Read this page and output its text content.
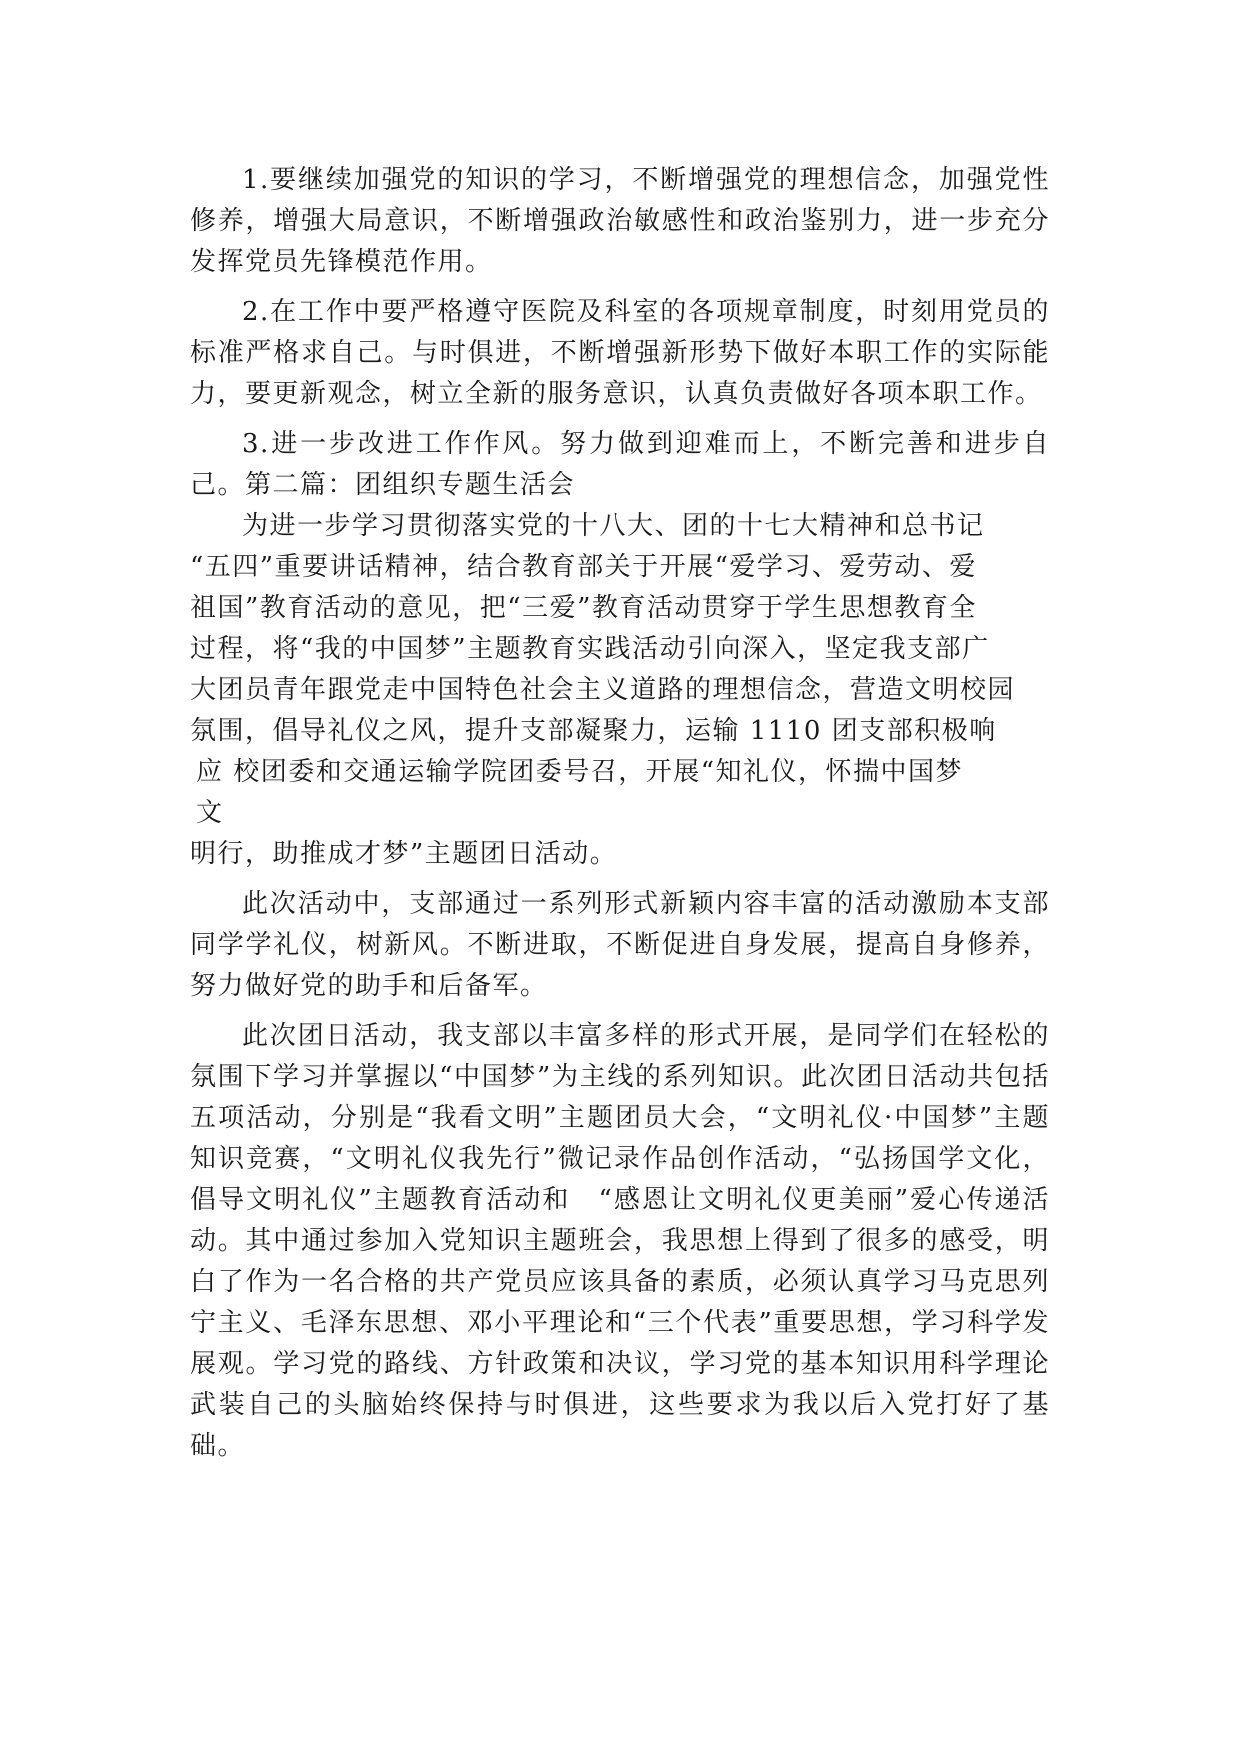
1.要继续加强党的知识的学习，不断增强党的理想信念，加强党性修养，增强大局意识，不断增强政治敏感性和政治鉴别力，进一步充分发挥党员先锋模范作用。

2.在工作中要严格遵守医院及科室的各项规章制度，时刻用党员的标准严格求自己。与时俱进，不断增强新形势下做好本职工作的实际能力，要更新观念，树立全新的服务意识，认真负责做好各项本职工作。

3.进一步改进工作作风。努力做到迎难而上，不断完善和进步自己。第二篇：团组织专题生活会

为进一步学习贯彻落实党的十八大、团的十七大精神和总书记
“五四”重要讲话精神，结合教育部关于开展“爱学习、爱劳动、爱
祖国”教育活动的意见，把“三爱”教育活动贯穿于学生思想教育全
过程，将“我的中国梦”主题教育实践活动引向深入，坚定我支部广
大团员青年跟党走中国特色社会主义道路的理想信念，营造文明校园
氛围，倡导礼仪之风，提升支部凝聚力，运输 1110 团支部积极响
应 校团委和交通运输学院团委号召，开展“知礼仪，怀揣中国梦
文
明行，助推成才梦”主题团日活动。

此次活动中，支部通过一系列形式新颖内容丰富的活动激励本支部同学学礼仪，树新风。不断进取，不断促进自身发展，提高自身修养，努力做好党的助手和后备军。

此次团日活动，我支部以丰富多样的形式开展，是同学们在轻松的氛围下学习并掌握以“中国梦”为主线的系列知识。此次团日活动共包括五项活动，分别是“我看文明”主题团员大会，“文明礼仪·中国梦”主题知识竞赛，“文明礼仪我先行”微记录作品创作活动，“弘扬国学文化，倡导文明礼仪”主题教育活动和　“感恩让文明礼仪更美丽”爱心传递活动。其中通过参加入党知识主题班会，我思想上得到了很多的感受，明白了作为一名合格的共产党员应该具备的素质，必须认真学习马克思列宁主义、毛泽东思想、邓小平理论和“三个代表”重要思想，学习科学发展观。学习党的路线、方针政策和决议，学习党的基本知识用科学理论武装自己的头脑始终保持与时俱进，这些要求为我以后入党打好了基础。
